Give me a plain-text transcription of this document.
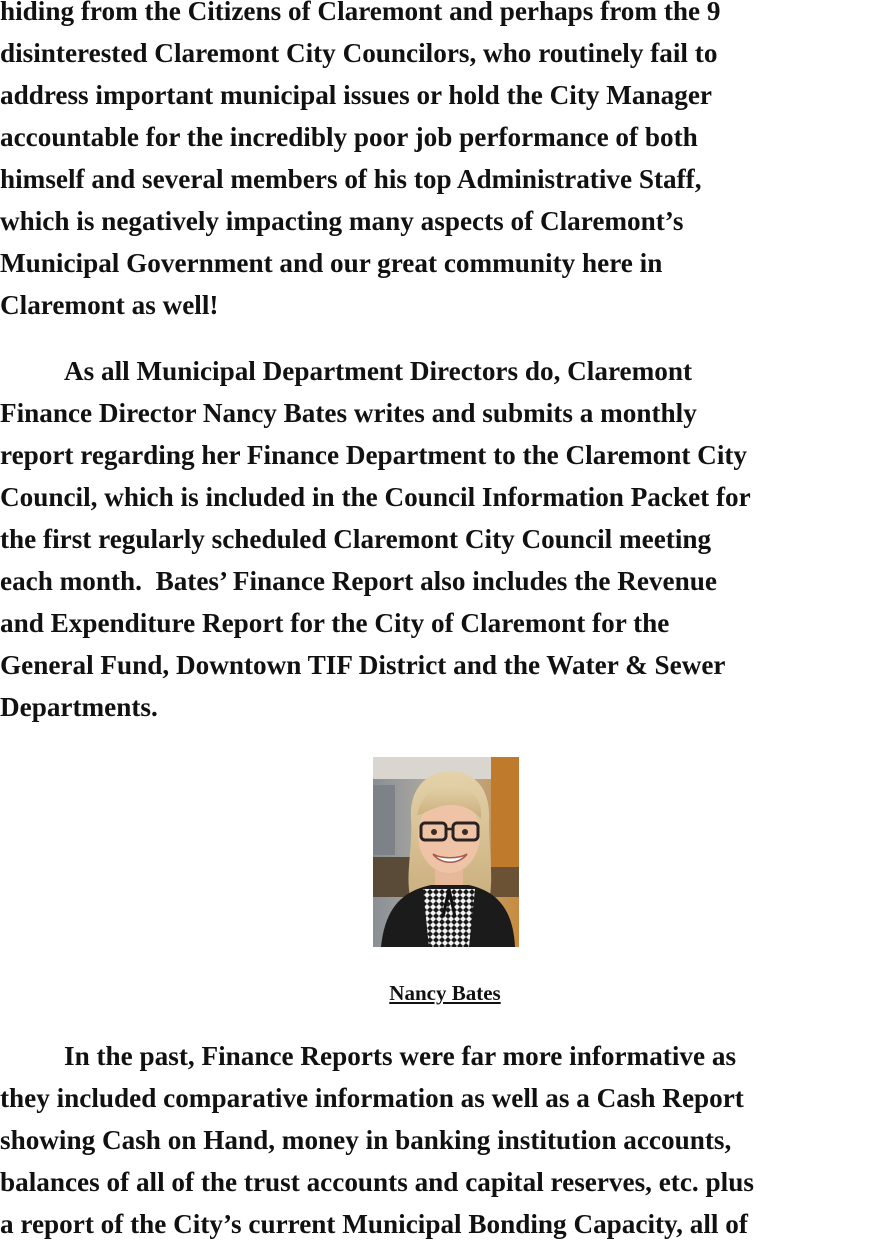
hiding from the Citizens of Claremont and perhaps from the 9
disinterested Claremont City Councilors, who routinely fail to
address important municipal issues or hold the City Manager
accountable for the incredibly poor job performance of both
himself and several members of his top Administrative Staff,
which is negatively impacting many aspects of Claremont’s
Municipal Government and our great community here in
Claremont as well!

As all Municipal Department Directors do, Claremont
Finance Director Nancy Bates writes and submits a monthly
report regarding her Finance Department to the Claremont City
Council, which is included in the Council Information Packet for
the first regularly scheduled Claremont City Council meeting
each month.  Bates’ Finance Report also includes the Revenue
and Expenditure Report for the City of Claremont for the
General Fund, Downtown TIF District and the Water & Sewer
Departments.

Nancy Bates

In the past, Finance Reports were far more informative as
they included comparative information as well as a Cash Report
showing Cash on Hand, money in banking institution accounts,
balances of all of the trust accounts and capital reserves, etc. plus
a report of the City’s current Municipal Bonding Capacity, all of
